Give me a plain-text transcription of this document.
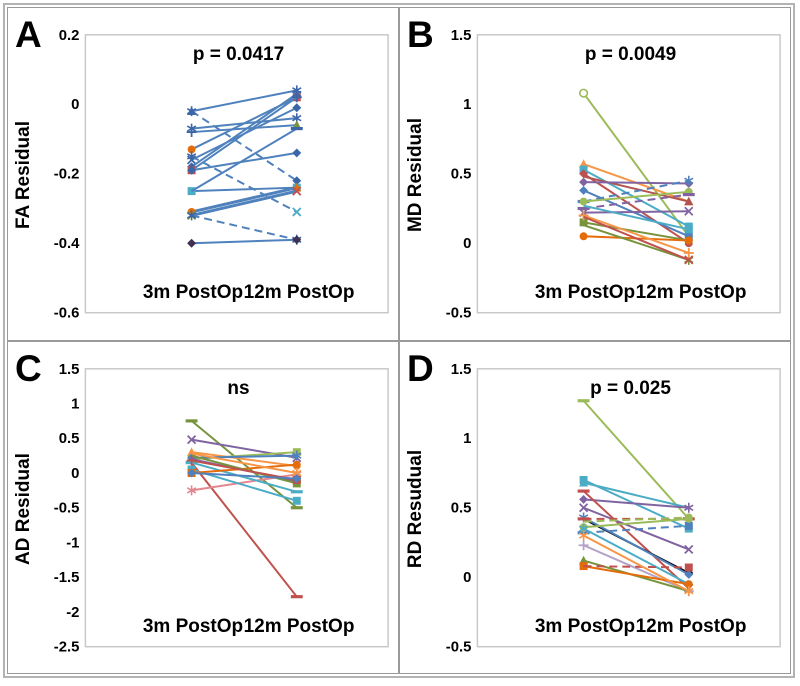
0.2
0
-0.2
-0.4
-0.6
A	p = 0.0417
FA Residual
3m PostOp 12m PostOp
1.5
1
0.5
0
-0.5
B	p = 0.0049
MD Residual
3m PostOp 12m PostOp
1.5
1
0.5
0
-0.5
-1
-1.5
-2
-2.5
C	ns
AD Residual
3m PostOp 12m PostOp
1.5
1
0.5
0
-0.5
D	p = 0.025
RD Resudual
3m PostOp 12m PostOp
